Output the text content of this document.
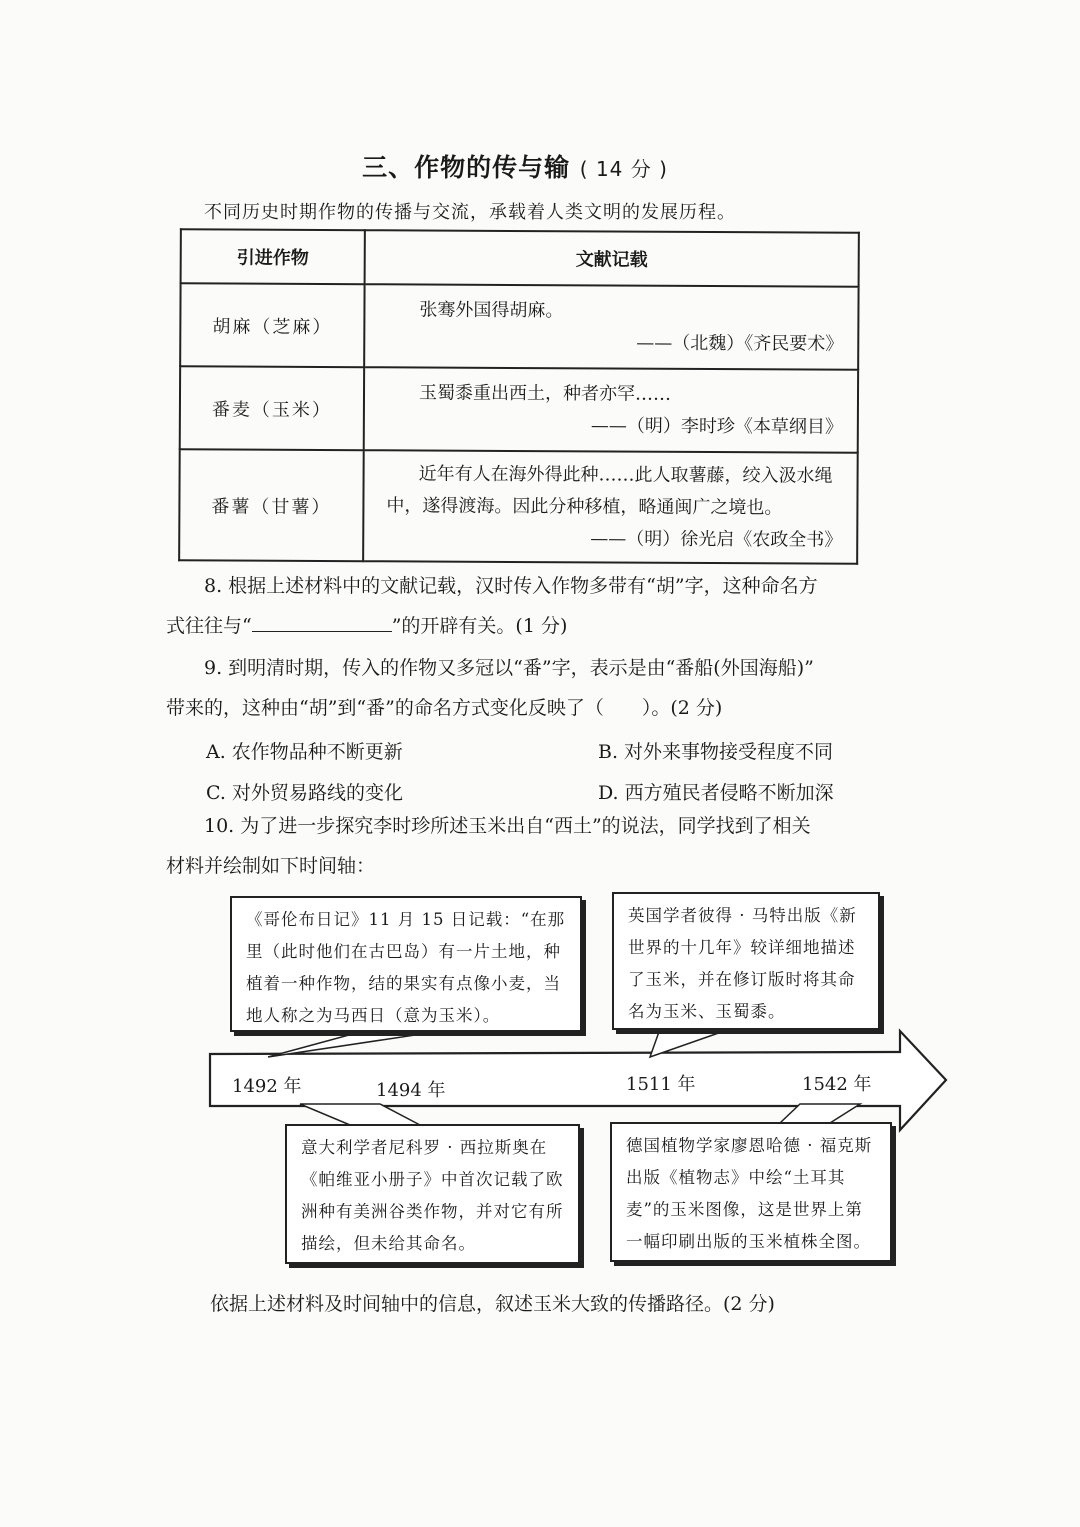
三、作物的传与输 ( 14 分 )
不同历史时期作物的传播与交流，承载着人类文明的发展历程。
引进作物	文献记载
胡麻（芝麻）	张骞外国得胡麻。
——（北魏）《齐民要术》

番麦（玉米）	玉蜀黍重出西土，种者亦罕……
——（明）李时珍《本草纲目》

番薯（甘薯）	近年有人在海外得此种……此人取薯藤，绞入汲水绳中，遂得渡海。因此分种移植，略通闽广之境也。
——（明）徐光启《农政全书》
8. 根据上述材料中的文献记载，汉时传入作物多带有“胡”字，这种命名方
式往往与“	”的开辟有关。(1 分)
9. 到明清时期，传入的作物又多冠以“番”字，表示是由“番船(外国海船)”
带来的，这种由“胡”到“番”的命名方式变化反映了（　　）。(2 分)
A. 农作物品种不断更新	B. 对外来事物接受程度不同
C. 对外贸易路线的变化	D. 西方殖民者侵略不断加深
10. 为了进一步探究李时珍所述玉米出自“西土”的说法，同学找到了相关
材料并绘制如下时间轴：
1492 年	1494 年	1511 年	1542 年
《哥伦布日记》11 月 15 日记载：“在那里（此时他们在古巴岛）有一片土地，种植着一种作物，结的果实有点像小麦，当地人称之为马西日（意为玉米）。
英国学者彼得 · 马特出版《新世界的十几年》较详细地描述了玉米，并在修订版时将其命名为玉米、玉蜀黍。
意大利学者尼科罗 · 西拉斯奥在《帕维亚小册子》中首次记载了欧洲种有美洲谷类作物，并对它有所描绘，但未给其命名。
德国植物学家廖恩哈德 · 福克斯出版《植物志》中绘“土耳其麦”的玉米图像，这是世界上第一幅印刷出版的玉米植株全图。
依据上述材料及时间轴中的信息，叙述玉米大致的传播路径。(2 分)
